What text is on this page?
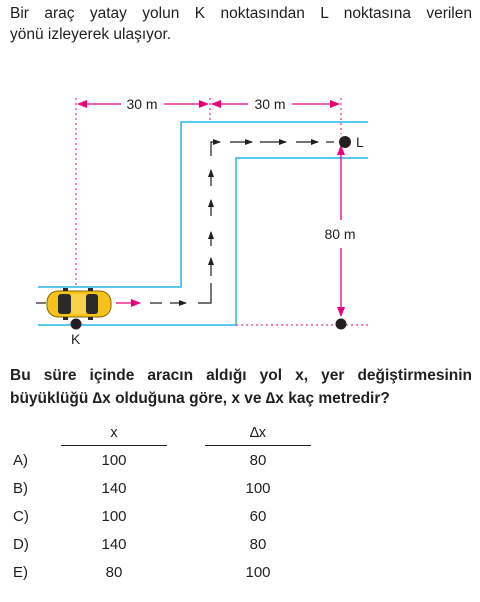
Bir araç yatay yolun K noktasından L noktasına verilen
yönü izleyerek ulaşıyor.

30 m	30 m
80 m
K
L

Bu süre içinde aracın aldığı yol x, yer değiştirmesinin
büyüklüğü ∆x olduğuna göre, x ve ∆x kaç metredir?

x	∆x
A)	100	80
B)	140	100
C)	100	60
D)	140	80
E)	80	100
